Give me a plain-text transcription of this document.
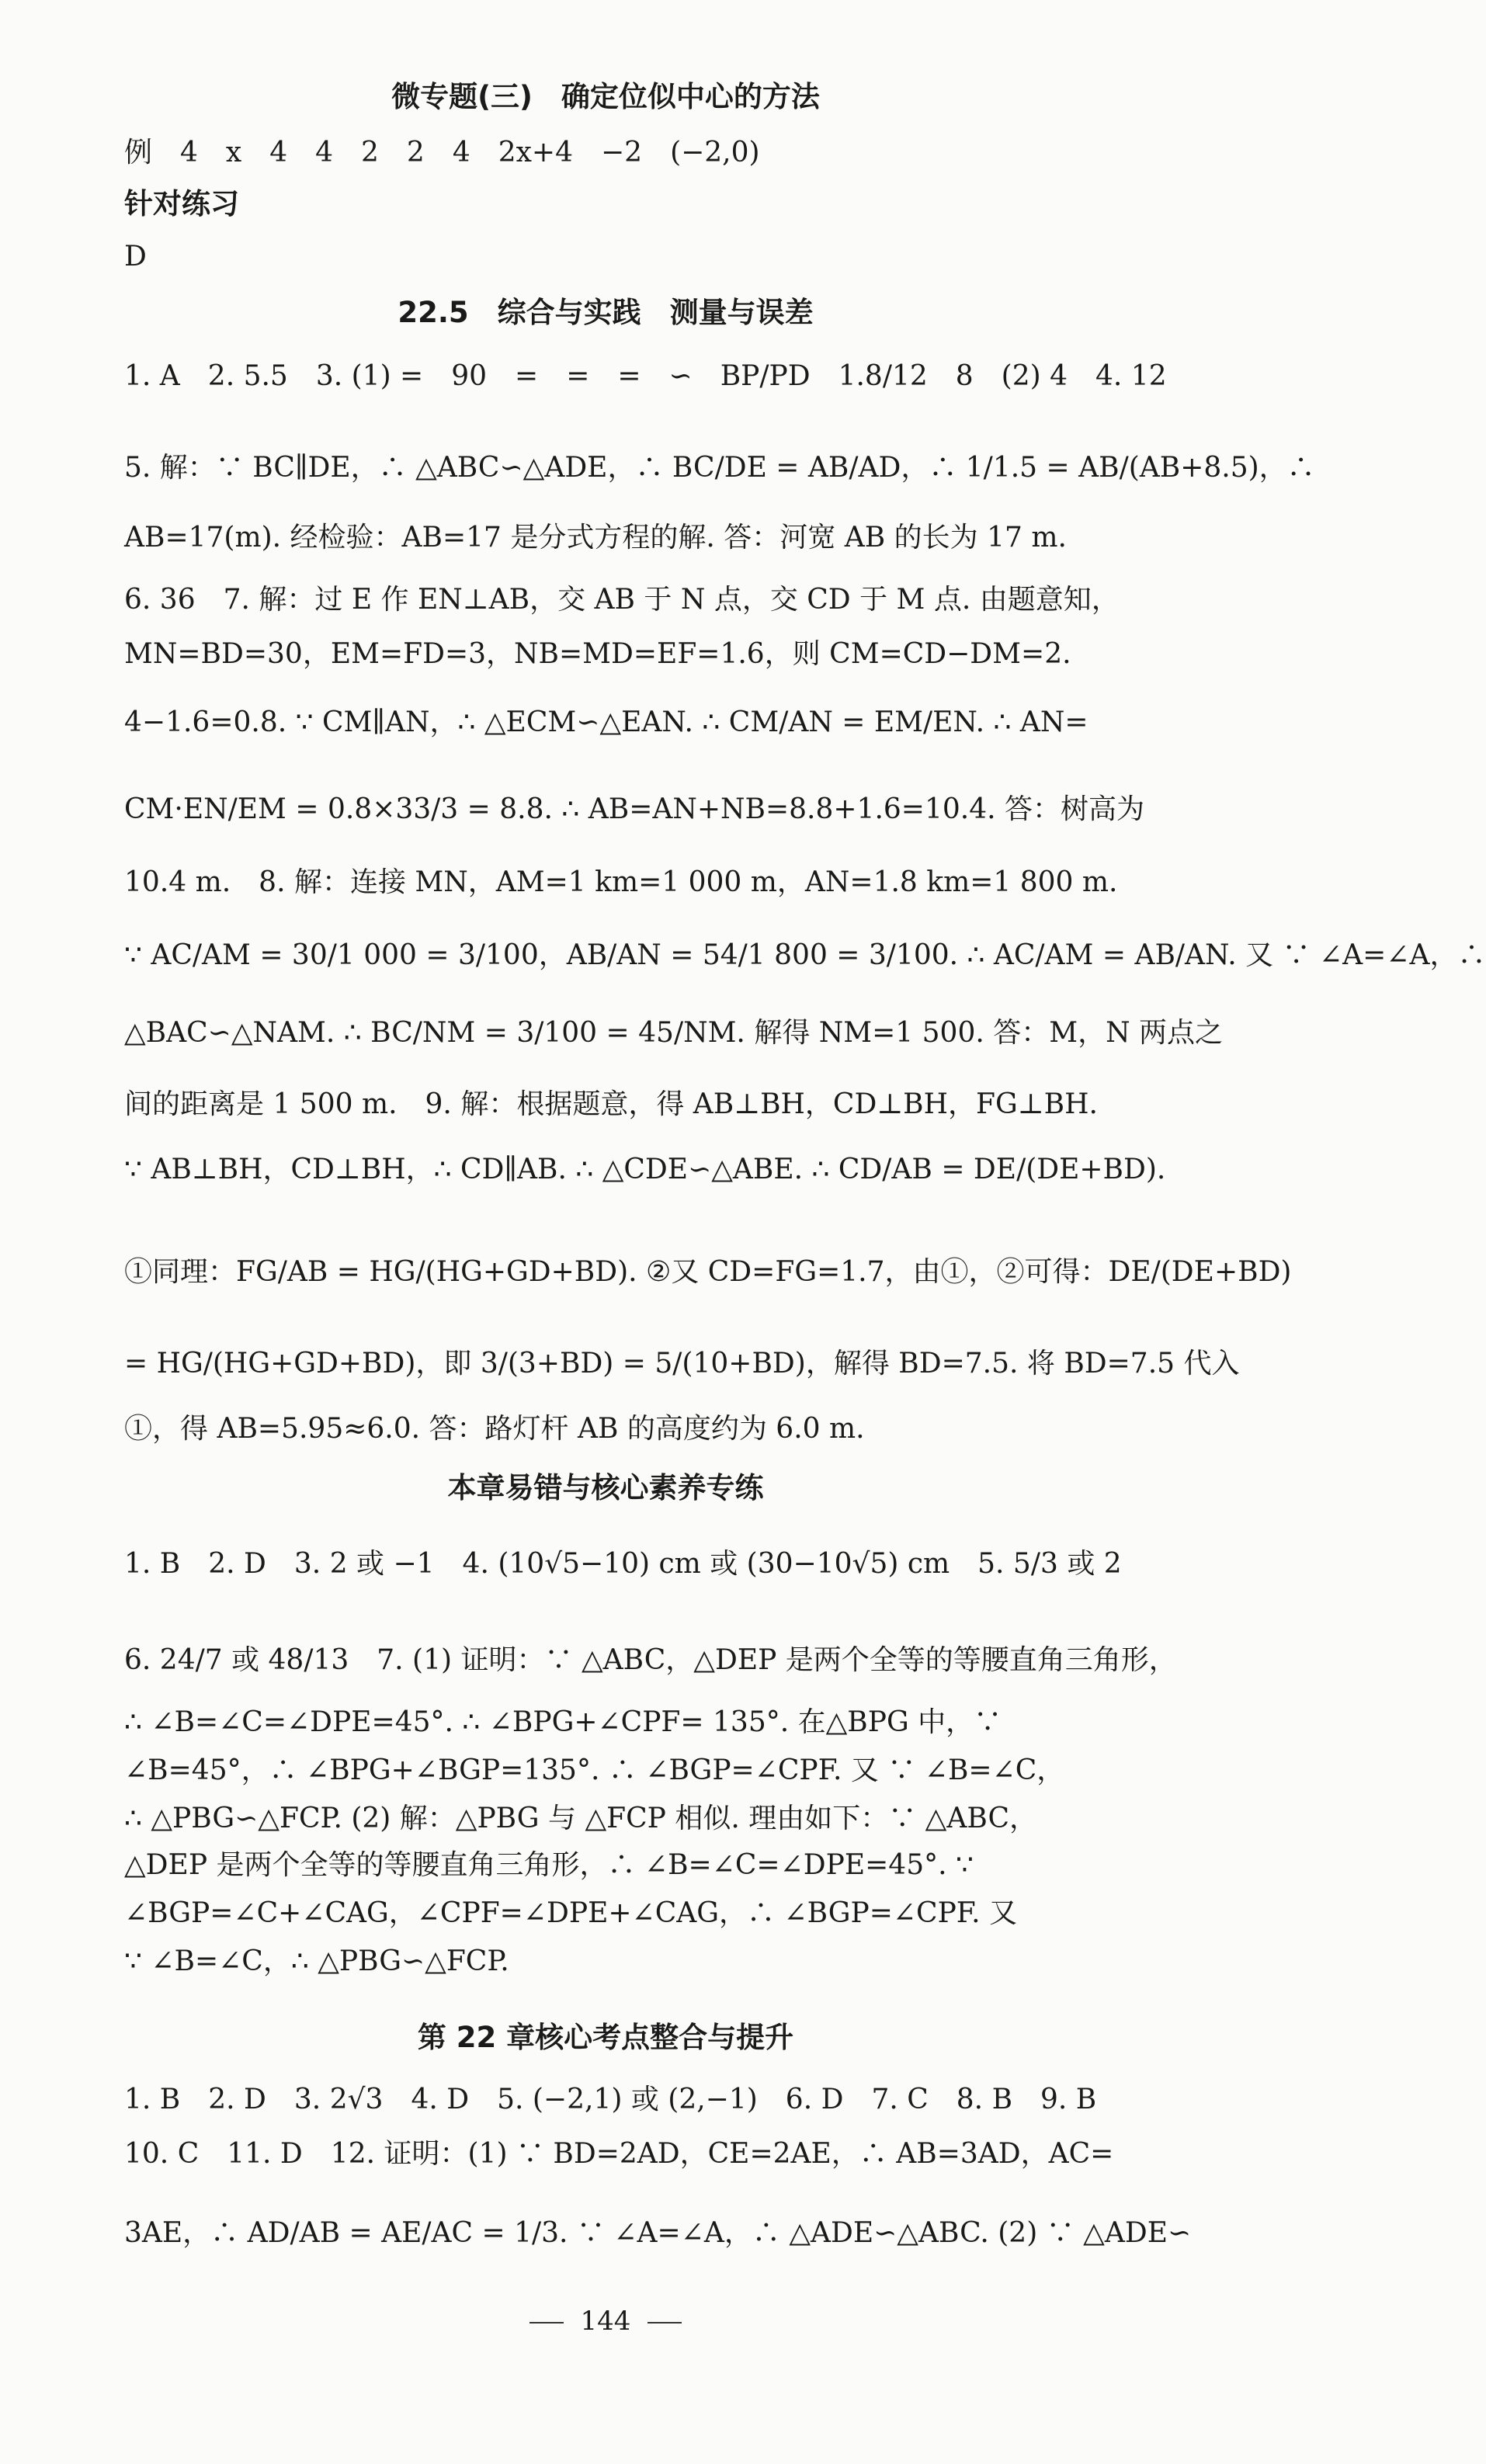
微专题(三)　确定位似中心的方法
例　4　x　4　4　2　2　4　2x+4　−2　(−2,0)
针对练习
D
22.5　综合与实践　测量与误差
1. A　2. 5.5　3. (1) =　90　=　=　=　∽　BP/PD　1.8/12　8　(2) 4　4. 12
5. 解：∵ BC∥DE，∴ △ABC∽△ADE，∴ BC/DE = AB/AD，∴ 1/1.5 = AB/(AB+8.5)，∴
AB=17(m). 经检验：AB=17 是分式方程的解. 答：河宽 AB 的长为 17 m.
6. 36　7. 解：过 E 作 EN⊥AB，交 AB 于 N 点，交 CD 于 M 点. 由题意知，
MN=BD=30，EM=FD=3，NB=MD=EF=1.6，则 CM=CD−DM=2.
4−1.6=0.8. ∵ CM∥AN，∴ △ECM∽△EAN. ∴ CM/AN = EM/EN. ∴ AN=
CM·EN/EM = 0.8×33/3 = 8.8. ∴ AB=AN+NB=8.8+1.6=10.4. 答：树高为
10.4 m.　8. 解：连接 MN，AM=1 km=1 000 m，AN=1.8 km=1 800 m.
∵ AC/AM = 30/1 000 = 3/100，AB/AN = 54/1 800 = 3/100. ∴ AC/AM = AB/AN. 又 ∵ ∠A=∠A，∴
△BAC∽△NAM. ∴ BC/NM = 3/100 = 45/NM. 解得 NM=1 500. 答：M，N 两点之
间的距离是 1 500 m.　9. 解：根据题意，得 AB⊥BH，CD⊥BH，FG⊥BH.
∵ AB⊥BH，CD⊥BH，∴ CD∥AB. ∴ △CDE∽△ABE. ∴ CD/AB = DE/(DE+BD).
①同理：FG/AB = HG/(HG+GD+BD). ②又 CD=FG=1.7，由①，②可得：DE/(DE+BD)
= HG/(HG+GD+BD)，即 3/(3+BD) = 5/(10+BD)，解得 BD=7.5. 将 BD=7.5 代入
①，得 AB=5.95≈6.0. 答：路灯杆 AB 的高度约为 6.0 m.
本章易错与核心素养专练
1. B　2. D　3. 2 或 −1　4. (10√5−10) cm 或 (30−10√5) cm　5. 5/3 或 2
6. 24/7 或 48/13　7. (1) 证明：∵ △ABC，△DEP 是两个全等的等腰直角三角形，
∴ ∠B=∠C=∠DPE=45°. ∴ ∠BPG+∠CPF= 135°. 在△BPG 中，∵
∠B=45°，∴ ∠BPG+∠BGP=135°. ∴ ∠BGP=∠CPF. 又 ∵ ∠B=∠C，
∴ △PBG∽△FCP. (2) 解：△PBG 与 △FCP 相似. 理由如下：∵ △ABC，
△DEP 是两个全等的等腰直角三角形，∴ ∠B=∠C=∠DPE=45°. ∵
∠BGP=∠C+∠CAG，∠CPF=∠DPE+∠CAG，∴ ∠BGP=∠CPF. 又
∵ ∠B=∠C，∴ △PBG∽△FCP.
第 22 章核心考点整合与提升
1. B　2. D　3. 2√3　4. D　5. (−2,1) 或 (2,−1)　6. D　7. C　8. B　9. B
10. C　11. D　12. 证明：(1) ∵ BD=2AD，CE=2AE，∴ AB=3AD，AC=
3AE，∴ AD/AB = AE/AC = 1/3. ∵ ∠A=∠A，∴ △ADE∽△ABC. (2) ∵ △ADE∽
144
